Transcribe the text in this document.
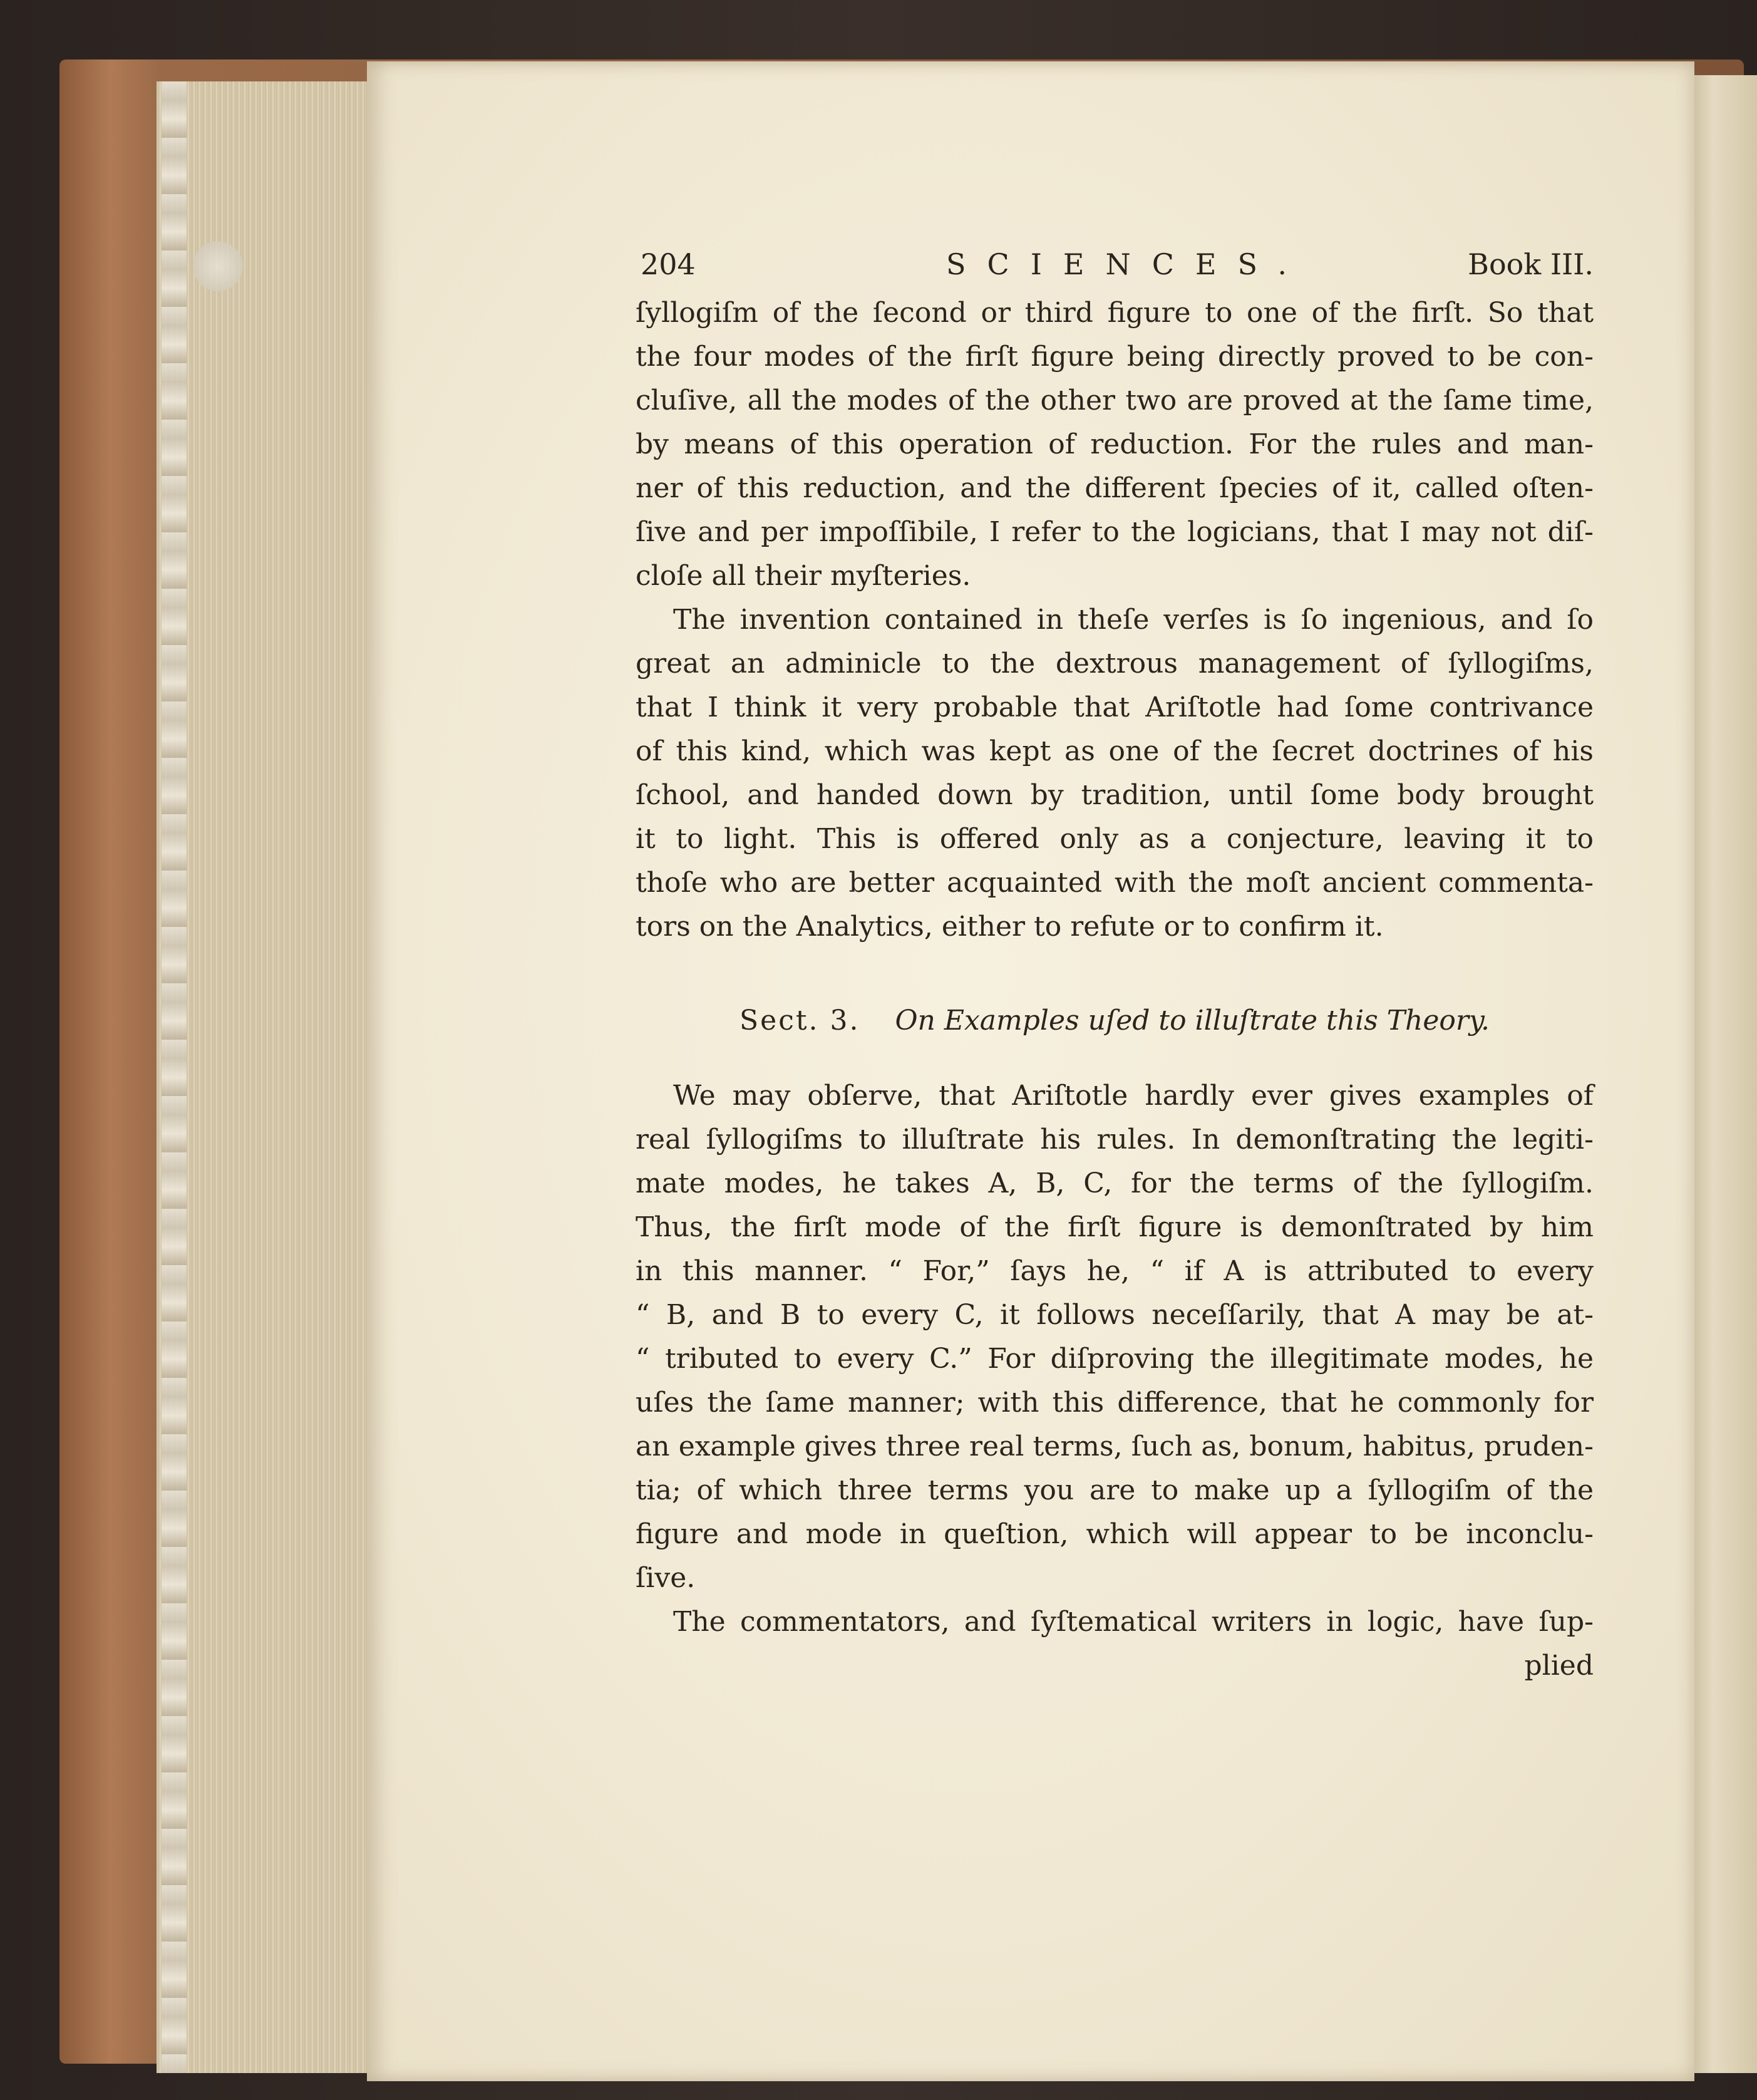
204	SCIENCES.	Book III.
ſyllogiſm of the ſecond or third figure to one of the firſt. So that
the four modes of the firſt figure being directly proved to be con-
cluſive, all the modes of the other two are proved at the ſame time,
by means of this operation of reduction. For the rules and man-
ner of this reduction, and the different ſpecies of it, called oſten-
ſive and per impoſſibile, I refer to the logicians, that I may not diſ-
cloſe all their myſteries.
The invention contained in theſe verſes is ſo ingenious, and ſo
great an adminicle to the dextrous management of ſyllogiſms,
that I think it very probable that Ariſtotle had ſome contrivance
of this kind, which was kept as one of the ſecret doctrines of his
ſchool, and handed down by tradition, until ſome body brought
it to light. This is offered only as a conjecture, leaving it to
thoſe who are better acquainted with the moſt ancient commenta-
tors on the Analytics, either to refute or to confirm it.
Sect. 3. On Examples uſed to illuſtrate this Theory.
We may obſerve, that Ariſtotle hardly ever gives examples of
real ſyllogiſms to illuſtrate his rules. In demonſtrating the legiti-
mate modes, he takes A, B, C, for the terms of the ſyllogiſm.
Thus, the firſt mode of the firſt figure is demonſtrated by him
in this manner. “ For,” ſays he, “ if A is attributed to every
“ B, and B to every C, it follows neceſſarily, that A may be at-
“ tributed to every C.” For diſproving the illegitimate modes, he
uſes the ſame manner; with this difference, that he commonly for
an example gives three real terms, ſuch as, bonum, habitus, pruden-
tia; of which three terms you are to make up a ſyllogiſm of the
figure and mode in queſtion, which will appear to be inconclu-
ſive.
The commentators, and ſyſtematical writers in logic, have ſup-
plied
